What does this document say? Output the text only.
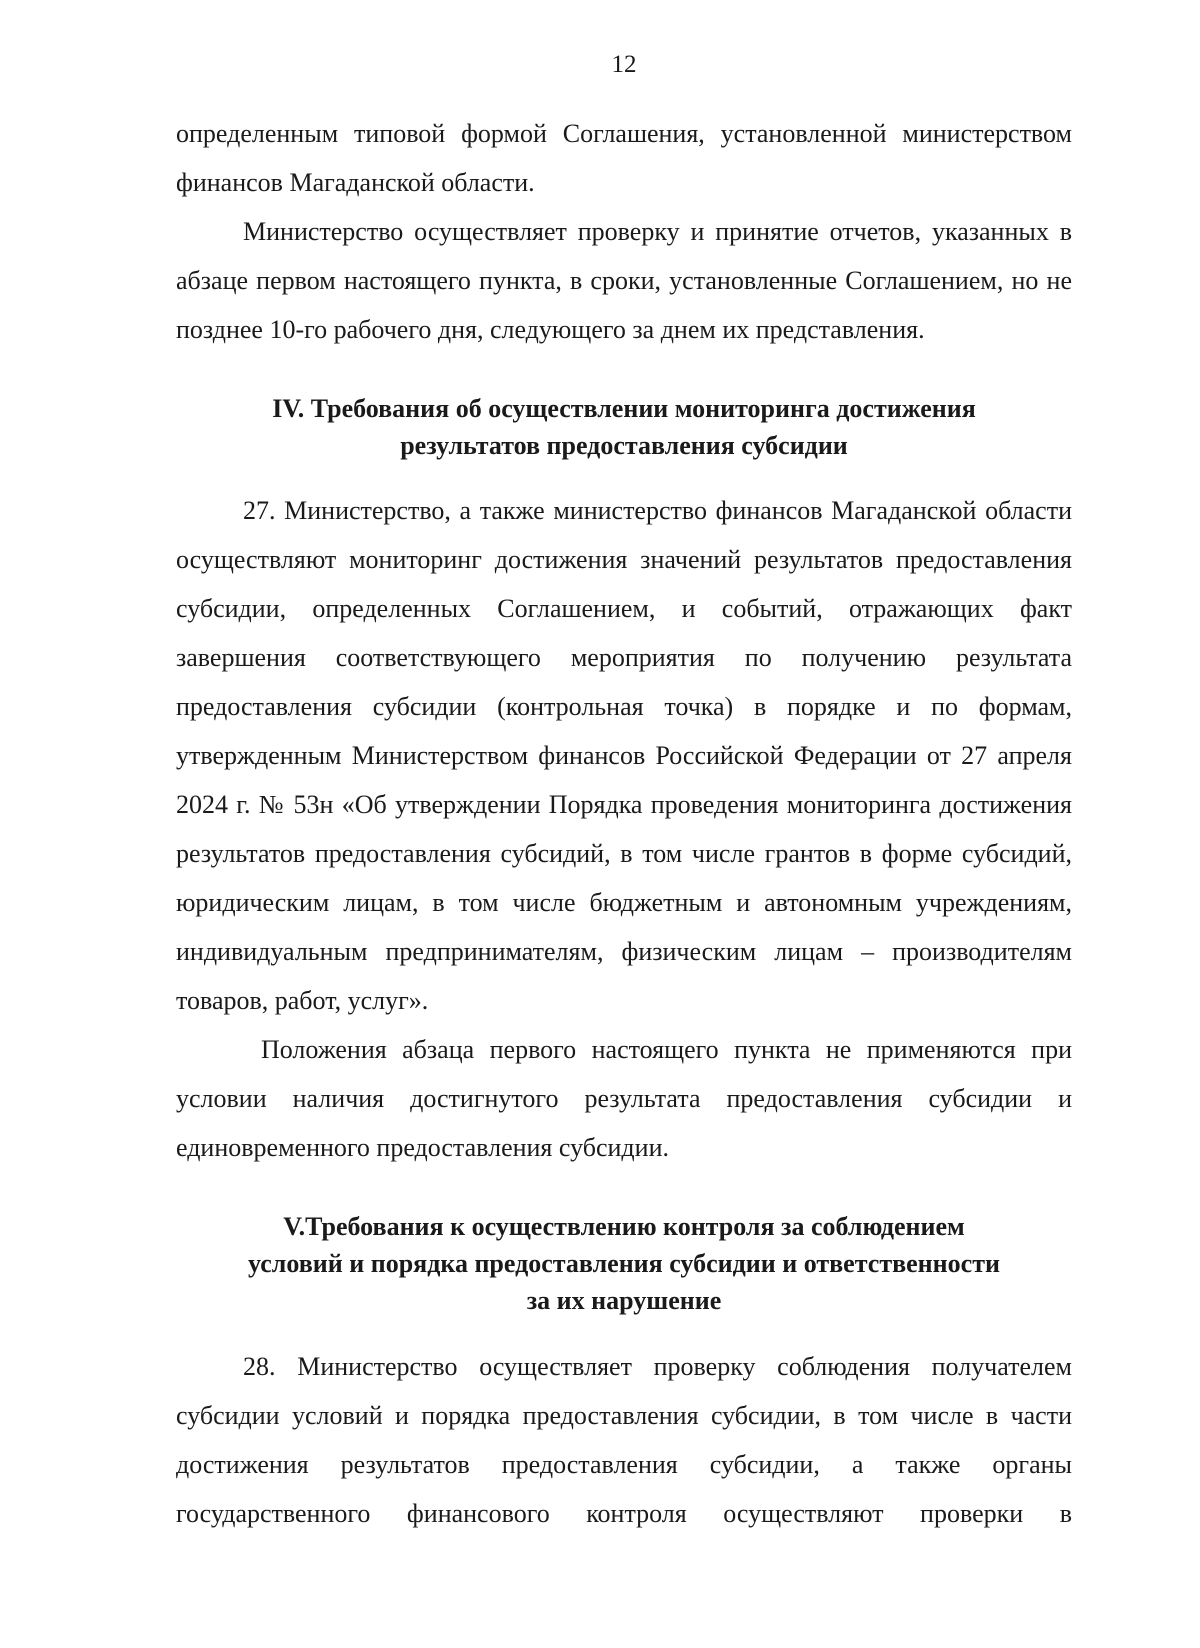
12

определенным типовой формой Соглашения, установленной министерством финансов Магаданской области.

Министерство осуществляет проверку и принятие отчетов, указанных в абзаце первом настоящего пункта, в сроки, установленные Соглашением, но не позднее 10-го рабочего дня, следующего за днем их представления.

IV. Требования об осуществлении мониторинга достижения
результатов предоставления субсидии

27. Министерство, а также министерство финансов Магаданской области осуществляют мониторинг достижения значений результатов предоставления субсидии, определенных Соглашением, и событий, отражающих факт завершения соответствующего мероприятия по получению результата предоставления субсидии (контрольная точка) в порядке и по формам, утвержденным Министерством финансов Российской Федерации от 27 апреля 2024 г. № 53н «Об утверждении Порядка проведения мониторинга достижения результатов предоставления субсидий, в том числе грантов в форме субсидий, юридическим лицам, в том числе бюджетным и автономным учреждениям, индивидуальным предпринимателям, физическим лицам – производителям товаров, работ, услуг».

Положения абзаца первого настоящего пункта не применяются при условии наличия достигнутого результата предоставления субсидии и единовременного предоставления субсидии.

V.Требования к осуществлению контроля за соблюдением
условий и порядка предоставления субсидии и ответственности
за их нарушение

28. Министерство осуществляет проверку соблюдения получателем субсидии условий и порядка предоставления субсидии, в том числе в части достижения результатов предоставления субсидии, а также органы государственного финансового контроля осуществляют проверки в
